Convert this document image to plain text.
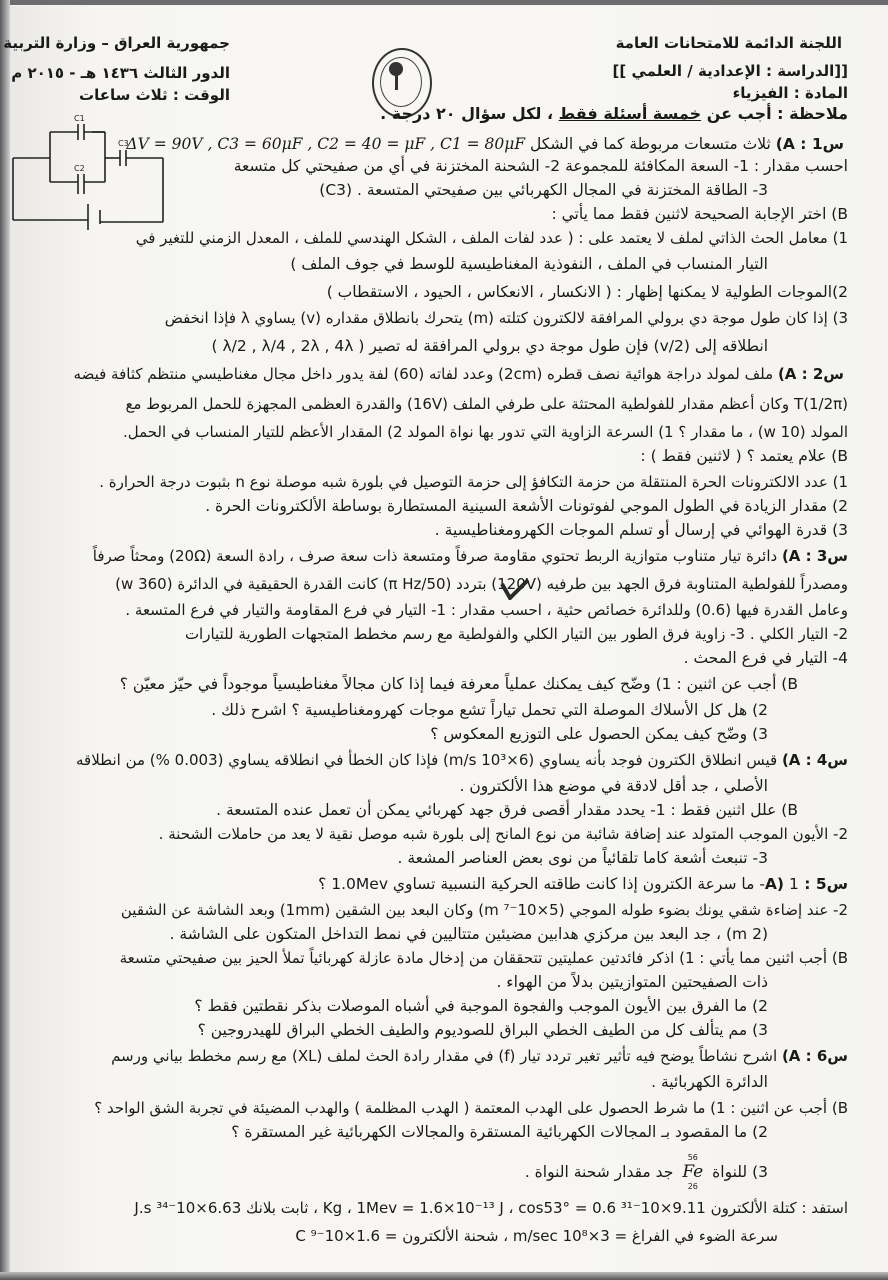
اللجنة الدائمة للامتحانات العامة
[[الدراسة : الإعدادية / العلمي ]]
المادة : الفيزياء
جمهورية العراق – وزارة التربية
الدور الثالث ١٤٣٦ هـ - ٢٠١٥ م
الوقت : ثلاث ساعات
ملاحظة : أجب عن خمسة أسئلة فقط ، لكل سؤال ٢٠ درجة .
C1
C2
C3	س1 : A) ثلاث متسعات مربوطة كما في الشكل ΔV = 90V , C3 = 60μF , C2 = 40 = μF , C1 = 80μF
احسب مقدار : 1- السعة المكافئة للمجموعة 2- الشحنة المختزنة في أي من صفيحتي كل متسعة
3- الطاقة المختزنة في المجال الكهربائي بين صفيحتي المتسعة . (C3)
B) اختر الإجابة الصحيحة لاثنين فقط مما يأتي :
1) معامل الحث الذاتي لملف لا يعتمد على : ( عدد لفات الملف ، الشكل الهندسي للملف ، المعدل الزمني للتغير في
التيار المنساب في الملف ، النفوذية المغناطيسية للوسط في جوف الملف )
2)الموجات الطولية لا يمكنها إظهار : ( الانكسار ، الانعكاس ، الحيود ، الاستقطاب )
3) إذا كان طول موجة دي برولي المرافقة لالكترون كتلته (m) يتحرك بانطلاق مقداره (v) يساوي λ فإذا انخفض
انطلاقه إلى (v/2) فإن طول موجة دي برولي المرافقة له تصير ( λ/2 , λ/4 , 2λ , 4λ )
س2 : A) ملف لمولد دراجة هوائية نصف قطره (2cm) وعدد لفاته (60) لفة يدور داخل مجال مغناطيسي منتظم كثافة فيضه
(1/2π)T وكان أعظم مقدار للفولطية المحتثة على طرفي الملف (16V) والقدرة العظمى المجهزة للحمل المربوط مع
المولد (10 w) ، ما مقدار ؟ 1) السرعة الزاوية التي تدور بها نواة المولد 2) المقدار الأعظم للتيار المنساب في الحمل.
B) علام يعتمد ؟ ( لاثنين فقط ) :
1) عدد الالكترونات الحرة المنتقلة من حزمة التكافؤ إلى حزمة التوصيل في بلورة شبه موصلة نوع n بثبوت درجة الحرارة .
2) مقدار الزيادة في الطول الموجي لفوتونات الأشعة السينية المستطارة بوساطة الألكترونات الحرة .
3) قدرة الهوائي في إرسال أو تسلم الموجات الكهرومغناطيسية .
س3 : A) دائرة تيار متناوب متوازية الربط تحتوي مقاومة صرفاً ومتسعة ذات سعة صرف ، رادة السعة (20Ω) ومحثاً صرفاً
ومصدراً للفولطية المتناوبة فرق الجهد بين طرفيه (120V) بتردد (50/π Hz) كانت القدرة الحقيقية في الدائرة (360 w)
وعامل القدرة فيها (0.6) وللدائرة خصائص حثية ، احسب مقدار : 1- التيار في فرع المقاومة والتيار في فرع المتسعة .
2- التيار الكلي . 3- زاوية فرق الطور بين التيار الكلي والفولطية مع رسم مخطط المتجهات الطورية للتيارات
4- التيار في فرع المحث .
B) أجب عن اثنين : 1) وضّح كيف يمكنك عملياً معرفة فيما إذا كان مجالاً مغناطيسياً موجوداً في حيّز معيّن ؟
2) هل كل الأسلاك الموصلة التي تحمل تياراً تشع موجات كهرومغناطيسية ؟ اشرح ذلك .
3) وضّح كيف يمكن الحصول على التوزيع المعكوس ؟
س4 : A) قيس انطلاق الكترون فوجد بأنه يساوي (6×10³ m/s) فإذا كان الخطأ في انطلاقه يساوي (0.003 %) من انطلاقه
الأصلي ، جد أقل لادقة في موضع هذا الألكترون .
B) علل اثنين فقط : 1- يحدد مقدار أقصى فرق جهد كهربائي يمكن أن تعمل عنده المتسعة .
2- الأيون الموجب المتولد عند إضافة شائبة من نوع المانح إلى بلورة شبه موصل نقية لا يعد من حاملات الشحنة .
3- تنبعث أشعة كاما تلقائياً من نوى بعض العناصر المشعة .
س5 : A) 1- ما سرعة الكترون إذا كانت طاقته الحركية النسبية تساوي 1.0Mev ؟
2- عند إضاءة شقي يونك بضوء طوله الموجي (5×10⁻⁷ m) وكان البعد بين الشقين (1mm) وبعد الشاشة عن الشقين
(2 m) ، جد البعد بين مركزي هدابين مضيئين متتاليين في نمط التداخل المتكون على الشاشة .
B) أجب اثنين مما يأتي : 1) اذكر فائدتين عمليتين تتحققان من إدخال مادة عازلة كهربائياً تملأ الحيز بين صفيحتي متسعة
ذات الصفيحتين المتوازيتين بدلاً من الهواء .
2) ما الفرق بين الأيون الموجب والفجوة الموجبة في أشباه الموصلات بذكر نقطتين فقط ؟
3) مم يتألف كل من الطيف الخطي البراق للصوديوم والطيف الخطي البراق للهيدروجين ؟
س6 : A) اشرح نشاطاً يوضح فيه تأثير تغير تردد تيار (f) في مقدار رادة الحث لملف (XL) مع رسم مخطط بياني ورسم
الدائرة الكهربائية .
B) أجب عن اثنين : 1) ما شرط الحصول على الهدب المعتمة ( الهدب المظلمة ) والهدب المضيئة في تجربة الشق الواحد ؟
2) ما المقصود بـ المجالات الكهربائية المستقرة والمجالات الكهربائية غير المستقرة ؟
3) للنواة
56
Fe
26
جد مقدار شحنة النواة .
استفد : كتلة الألكترون 9.11×10⁻³¹ Kg ، 1Mev = 1.6×10⁻¹³ J ، cos53° = 0.6 ، ثابت بلانك 6.63×10⁻³⁴ J.s
سرعة الضوء في الفراغ = 3×10⁸ m/sec ، شحنة الألكترون = 1.6×10⁻⁹ C
